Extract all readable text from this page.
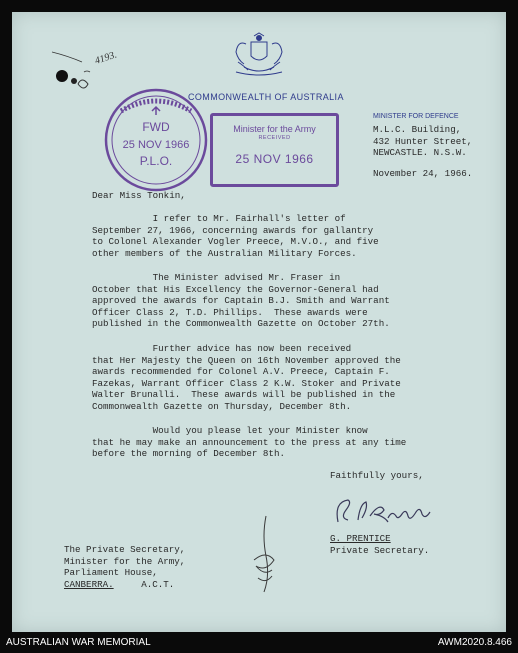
4193.
COMMONWEALTH OF AUSTRALIA
FWD
25 NOV 1966
P.L.O.
Minister for the Army
RECEIVED
25 NOV 1966
MINISTER FOR DEFENCE
M.L.C. Building,
432 Hunter Street,
NEWCASTLE. N.S.W.
November 24, 1966.
Dear Miss Tonkin,
I refer to Mr. Fairhall's letter of
September 27, 1966, concerning awards for gallantry
to Colonel Alexander Vogler Preece, M.V.O., and five
other members of the Australian Military Forces.
The Minister advised Mr. Fraser in
October that His Excellency the Governor-General had
approved the awards for Captain B.J. Smith and Warrant
Officer Class 2, T.D. Phillips.  These awards were
published in the Commonwealth Gazette on October 27th.
Further advice has now been received
that Her Majesty the Queen on 16th November approved the
awards recommended for Colonel A.V. Preece, Captain F.
Fazekas, Warrant Officer Class 2 K.W. Stoker and Private
Walter Brunalli.  These awards will be published in the
Commonwealth Gazette on Thursday, December 8th.
Would you please let your Minister know
that he may make an announcement to the press at any time
before the morning of December 8th.
Faithfully yours,
G. PRENTICE
Private Secretary.
The Private Secretary,
Minister for the Army,
Parliament House,
CANBERRA.	A.C.T.
AUSTRALIAN WAR MEMORIAL	AWM2020.8.466
